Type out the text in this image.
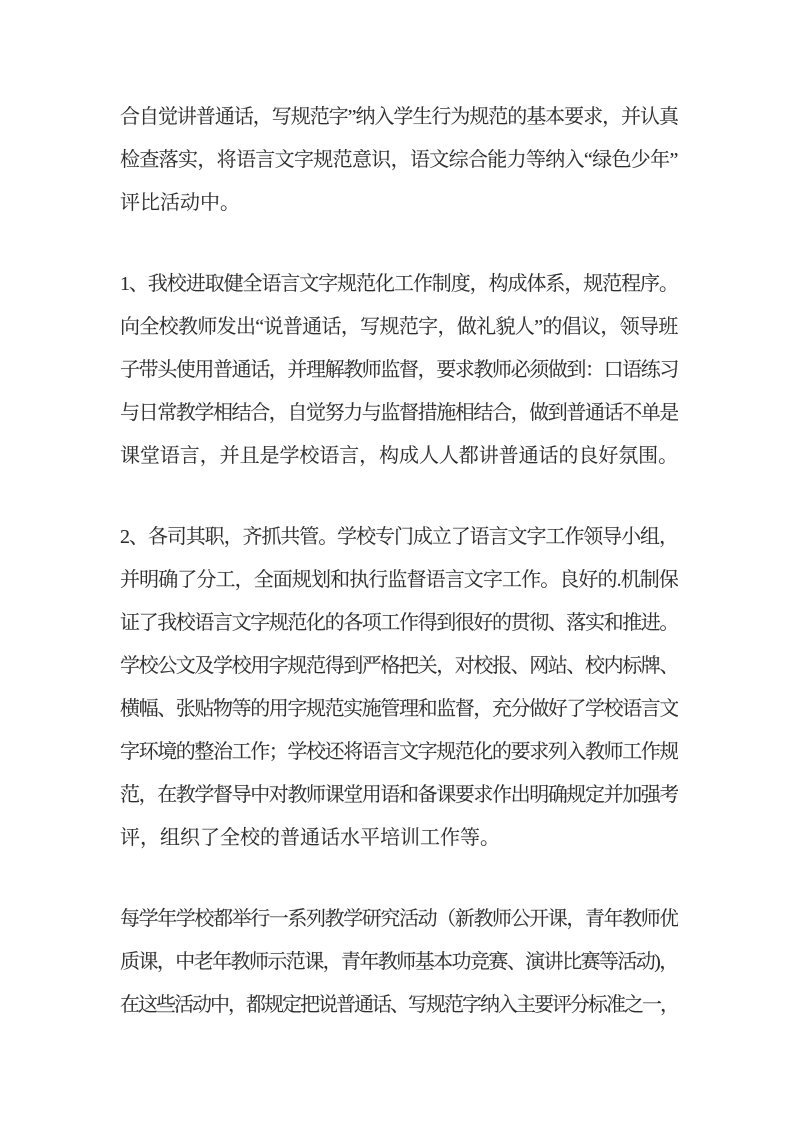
合自觉讲普通话，写规范字”纳入学生行为规范的基本要求，并认真
检查落实，将语言文字规范意识，语文综合能力等纳入“绿色少年”
评比活动中。
1、我校进取健全语言文字规范化工作制度，构成体系，规范程序。
向全校教师发出“说普通话，写规范字，做礼貌人”的倡议，领导班
子带头使用普通话，并理解教师监督，要求教师必须做到：口语练习
与日常教学相结合，自觉努力与监督措施相结合，做到普通话不单是
课堂语言，并且是学校语言，构成人人都讲普通话的良好氛围。
2、各司其职，齐抓共管。学校专门成立了语言文字工作领导小组，
并明确了分工，全面规划和执行监督语言文字工作。良好的.机制保
证了我校语言文字规范化的各项工作得到很好的贯彻、落实和推进。
学校公文及学校用字规范得到严格把关，对校报、网站、校内标牌、
横幅、张贴物等的用字规范实施管理和监督，充分做好了学校语言文
字环境的整治工作；学校还将语言文字规范化的要求列入教师工作规
范，在教学督导中对教师课堂用语和备课要求作出明确规定并加强考
评，组织了全校的普通话水平培训工作等。
每学年学校都举行一系列教学研究活动（新教师公开课，青年教师优
质课，中老年教师示范课，青年教师基本功竞赛、演讲比赛等活动)，
在这些活动中，都规定把说普通话、写规范字纳入主要评分标准之一，
